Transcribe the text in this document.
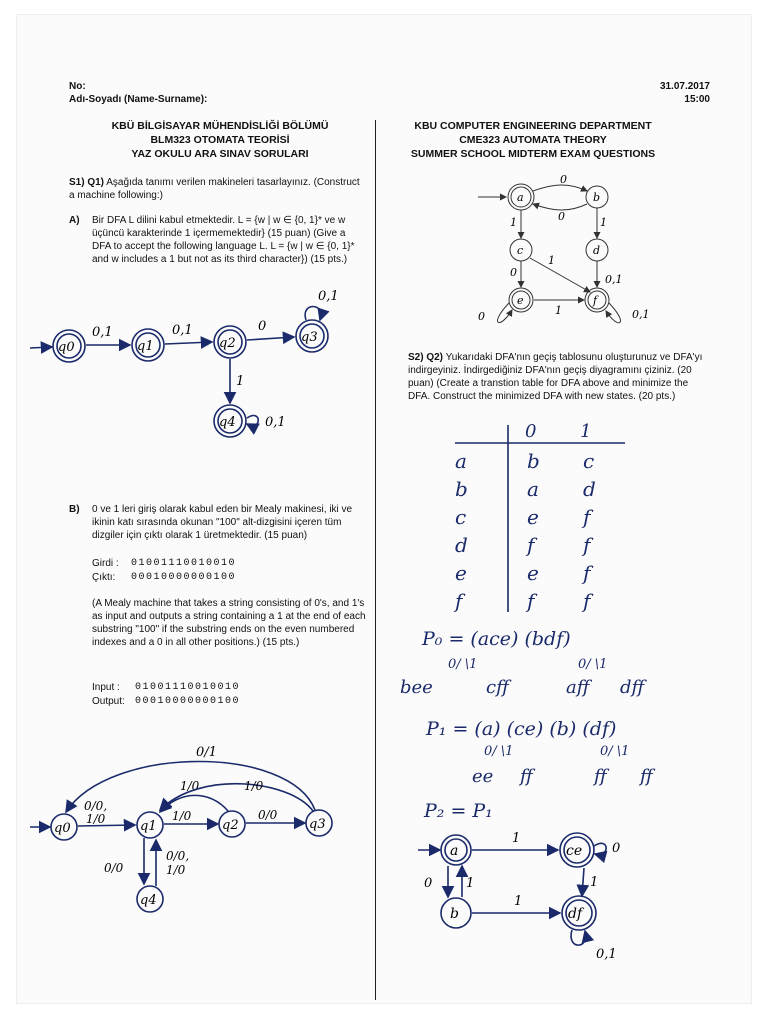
No:
Adı-Soyadı (Name-Surname):
31.07.2017
15:00
KBÜ BİLGİSAYAR MÜHENDİSLİĞİ BÖLÜMÜ
BLM323 OTOMATA TEORİSİ
YAZ OKULU ARA SINAV SORULARI
KBU COMPUTER ENGINEERING DEPARTMENT
CME323 AUTOMATA THEORY
SUMMER SCHOOL MIDTERM EXAM QUESTIONS
S1) Q1) Aşağıda tanımı verilen makineleri tasarlayınız. (Construct a machine following:)
A) Bir DFA L dilini kabul etmektedir. L = {w | w ∈ {0, 1}* ve w üçüncü karakterinde 1 içermemektedir} (15 puan) (Give a DFA to accept the following language L. L = {w | w ∈ {0, 1}* and w includes a 1 but not as its third character}) (15 pts.)
B) 0 ve 1 leri giriş olarak kabul eden bir Mealy makinesi, iki ve ikinin katı sırasında okunan "100" alt-dizgisini içeren tüm dizgiler için çıktı olarak 1 üretmektedir. (15 puan)
Girdi : 01001110010010
Çıktı: 00010000000100
(A Mealy machine that takes a string consisting of 0's, and 1's as input and outputs a string containing a 1 at the end of each substring "100" if the substring ends on the even numbered indexes and a 0 in all other positions.) (15 pts.)
Input : 01001110010010
Output: 00010000000100
S2) Q2) Yukarıdaki DFA'nın geçiş tablosunu oluşturunuz ve DFA'yı indirgeyiniz. İndirgediğiniz DFA'nın geçiş diyagramını çiziniz. (20 puan) (Create a transtion table for DFA above and minimize the DFA. Construct the minimized DFA with new states. (20 pts.)
q0
0,1
q1
0,1
q2
0
q3
0,1
1
q4 0,1
q0
0/0,
1/0	q1
1/0
q2
0/0
q3
1/0	1/0
0/1
0/0
0/0,
1/0
q4
a	b
0
0
1	1
c	d
0
1
0,1
e	f
1
0	0,1
a
1
ce 0
0	1
b
1
1
df
0,1
0 1
a	b c
b	a d
c	e f
d	f f
e	e f
f	f f
P₀ = (ace) (bdf)
0/ \1	0/ \1
bee	cff	aff dff
P₁ = (a) (ce) (b) (df)
0/ \1	0/ \1
ee ff	ff ff
P₂ = P₁
